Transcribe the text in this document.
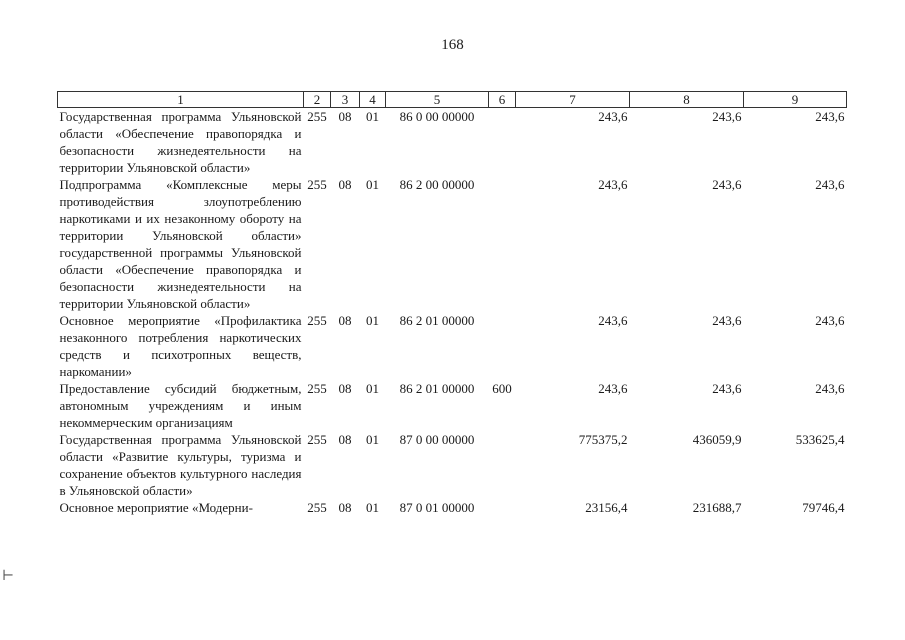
168
⊢
1	2	3	4	5	6	7	8	9
Государственная программа Ульяновской области «Обеспечение правопорядка и безопасности жизнедеятельности на территории Ульяновской области»	255	08	01	86 0 00 00000		243,6	243,6	243,6
Подпрограмма «Комплексные меры противодействия злоупотреблению наркотиками и их незаконному обороту на территории Ульяновской области» государственной программы Ульяновской области «Обеспечение правопорядка и безопасности жизнедеятельности на территории Ульяновской области»	255	08	01	86 2 00 00000		243,6	243,6	243,6
Основное мероприятие «Профилактика незаконного потребления наркотических средств и психотропных веществ, наркомании»	255	08	01	86 2 01 00000		243,6	243,6	243,6
Предоставление субсидий бюджетным, автономным учреждениям и иным некоммерческим организациям	255	08	01	86 2 01 00000	600	243,6	243,6	243,6
Государственная программа Ульяновской области «Развитие культуры, туризма и сохранение объектов культурного наследия в Ульяновской области»	255	08	01	87 0 00 00000		775375,2	436059,9	533625,4
Основное мероприятие «Модерни-	255	08	01	87 0 01 00000		23156,4	231688,7	79746,4
